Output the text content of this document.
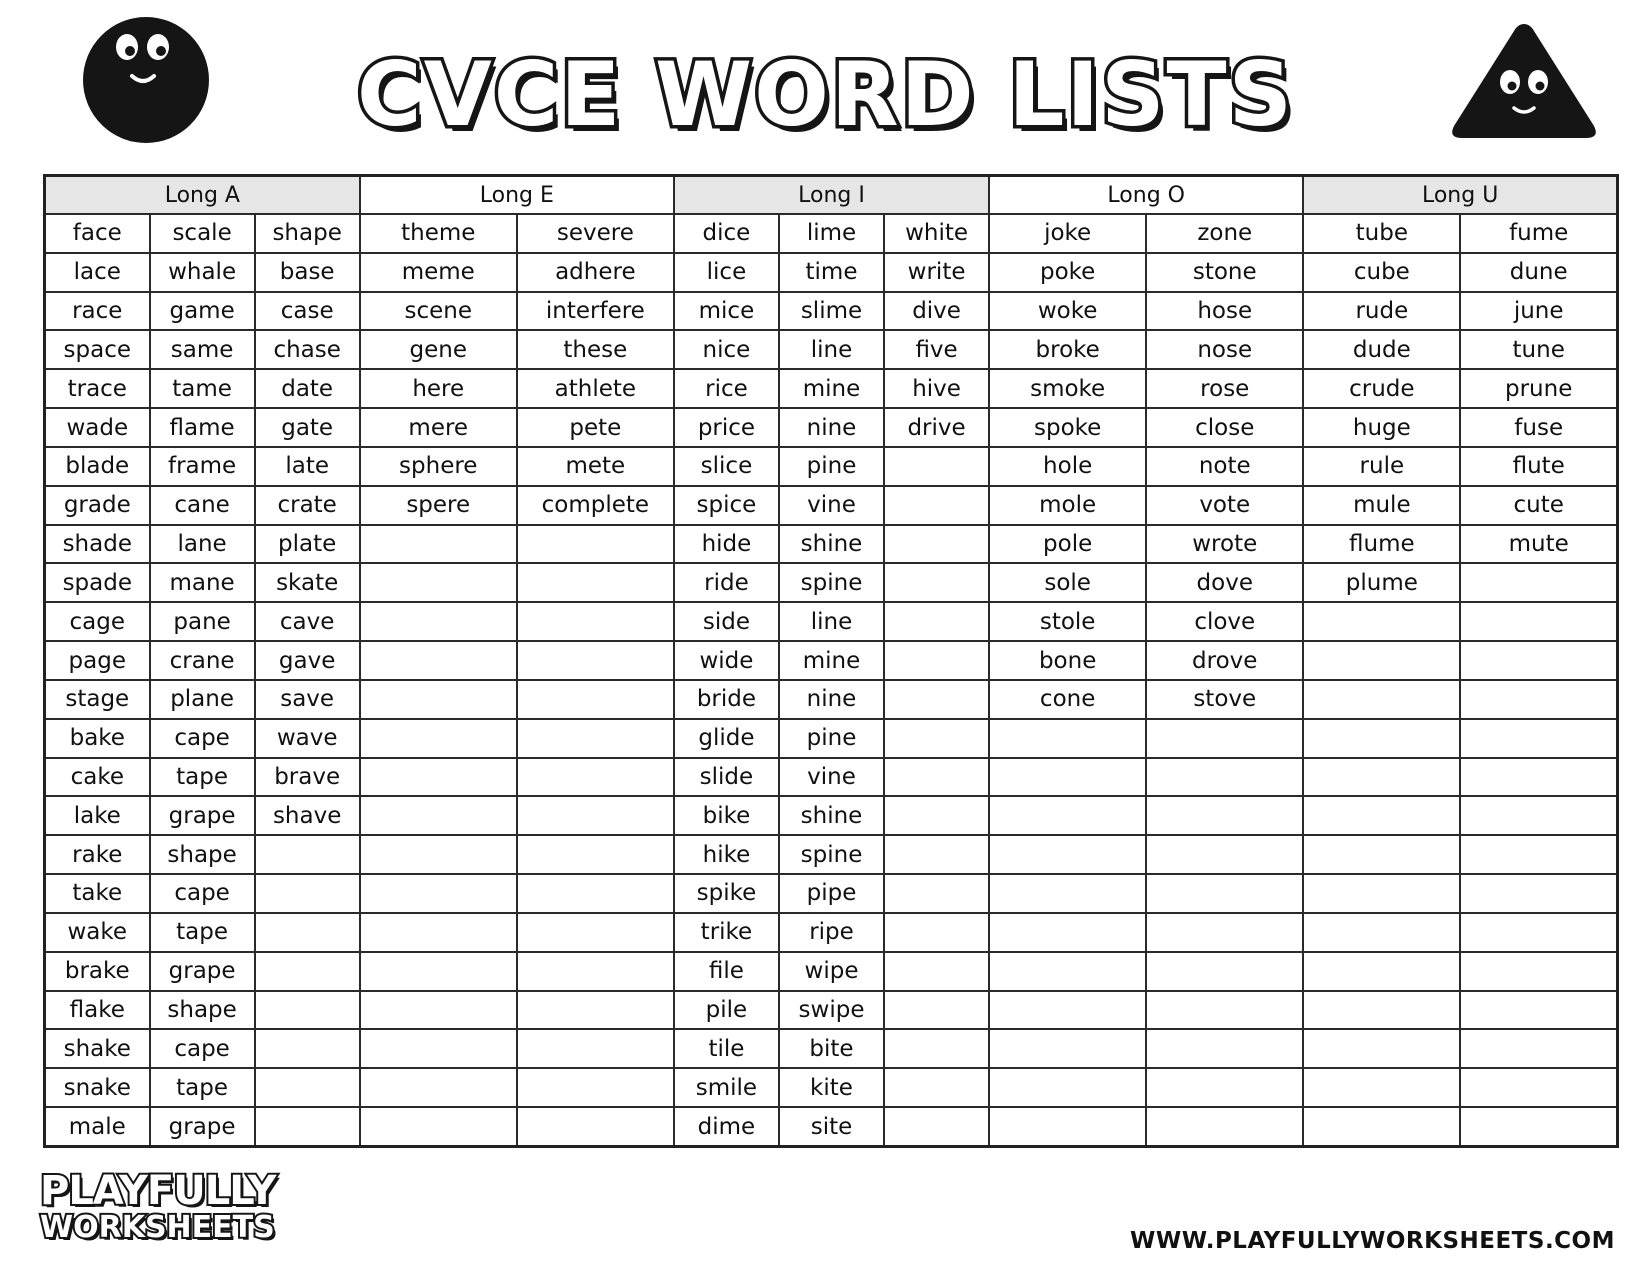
CVCE WORD LISTS
Long A			Long E		Long I			Long O		Long U	
face	scale	shape	theme	severe	dice	lime	white	joke	zone	tube	fume
lace	whale	base	meme	adhere	lice	time	write	poke	stone	cube	dune
race	game	case	scene	interfere	mice	slime	dive	woke	hose	rude	june
space	same	chase	gene	these	nice	line	five	broke	nose	dude	tune
trace	tame	date	here	athlete	rice	mine	hive	smoke	rose	crude	prune
wade	flame	gate	mere	pete	price	nine	drive	spoke	close	huge	fuse
blade	frame	late	sphere	mete	slice	pine		hole	note	rule	flute
grade	cane	crate	spere	complete	spice	vine		mole	vote	mule	cute
shade	lane	plate			hide	shine		pole	wrote	flume	mute
spade	mane	skate			ride	spine		sole	dove	plume	
cage	pane	cave			side	line		stole	clove		
page	crane	gave			wide	mine		bone	drove		
stage	plane	save			bride	nine		cone	stove		
bake	cape	wave			glide	pine					
cake	tape	brave			slide	vine					
lake	grape	shave			bike	shine					
rake	shape				hike	spine					
take	cape				spike	pipe					
wake	tape				trike	ripe					
brake	grape				file	wipe					
flake	shape				pile	swipe					
shake	cape				tile	bite					
snake	tape				smile	kite					
male	grape				dime	site					
PLAYFULLY
WORKSHEETS	WWW.PLAYFULLYWORKSHEETS.COM
